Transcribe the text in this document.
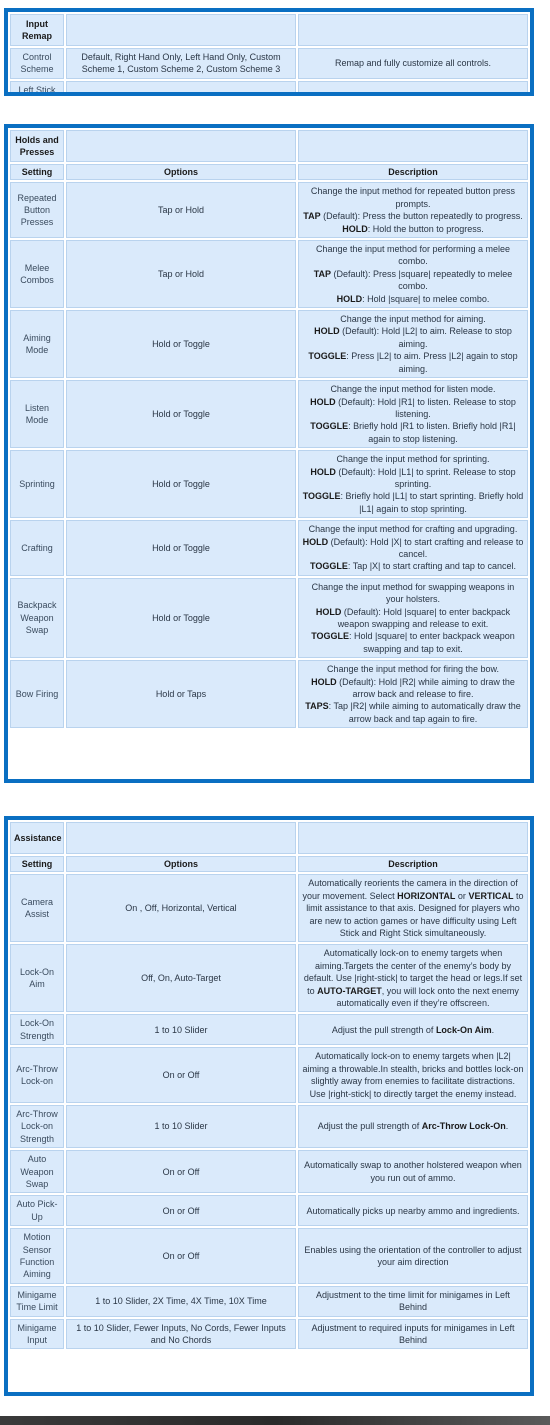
Input Remap		
Control Scheme	Default, Right Hand Only, Left Hand Only, Custom Scheme 1, Custom Scheme 2, Custom Scheme 3	Remap and fully customize all controls.

Left Stick		
Holds and Presses		
Setting	Options	Description
Repeated Button Presses	Tap or Hold	Change the input method for repeated button press prompts.
TAP (Default): Press the button repeatedly to progress.
HOLD: Hold the button to progress.

Melee Combos	Tap or Hold	Change the input method for performing a melee combo.
TAP (Default): Press |square| repeatedly to melee combo.
HOLD: Hold |square| to melee combo.

Aiming Mode	Hold or Toggle	Change the input method for aiming.
HOLD (Default): Hold |L2| to aim. Release to stop aiming.
TOGGLE: Press |L2| to aim. Press |L2| again to stop aiming.

Listen Mode	Hold or Toggle	Change the input method for listen mode.
HOLD (Default): Hold |R1| to listen. Release to stop listening.
TOGGLE: Briefly hold |R1 to listen. Briefly hold |R1| again to stop listening.

Sprinting	Hold or Toggle	Change the input method for sprinting.
HOLD (Default): Hold |L1| to sprint. Release to stop sprinting.
TOGGLE: Briefly hold |L1| to start sprinting. Briefly hold |L1| again to stop sprinting.

Crafting	Hold or Toggle	Change the input method for crafting and upgrading.
HOLD (Default): Hold |X| to start crafting and release to cancel.
TOGGLE: Tap |X| to start crafting and tap to cancel.

Backpack Weapon Swap	Hold or Toggle	Change the input method for swapping weapons in your holsters.
HOLD (Default): Hold |square| to enter backpack weapon swapping and release to exit.
TOGGLE: Hold |square| to enter backpack weapon swapping and tap to exit.

Bow Firing	Hold or Taps	Change the input method for firing the bow.
HOLD (Default): Hold |R2| while aiming to draw the arrow back and release to fire.
TAPS: Tap |R2| while aiming to automatically draw the arrow back and tap again to fire.
Assistance		
Setting	Options	Description
Camera Assist	On , Off, Horizontal, Vertical	Automatically reorients the camera in the direction of your movement. Select HORIZONTAL or VERTICAL to limit assistance to that axis. Designed for players who are new to action games or have difficulty using Left Stick and Right Stick simultaneously.

Lock-On Aim	Off, On, Auto-Target	Automatically lock-on to enemy targets when aiming.Targets the center of the enemy’s body by default. Use |right-stick| to target the head or legs.If set to AUTO-TARGET, you will lock onto the next enemy automatically even if they’re offscreen.

Lock-On Strength	1 to 10 Slider	Adjust the pull strength of Lock-On Aim.

Arc-Throw Lock-on	On or Off	Automatically lock-on to enemy targets when |L2| aiming a throwable.In stealth, bricks and bottles lock-on slightly away from enemies to facilitate distractions. Use |right-stick| to directly target the enemy instead.

Arc-Throw Lock-on Strength	1 to 10 Slider	Adjust the pull strength of Arc-Throw Lock-On.

Auto Weapon Swap	On or Off	Automatically swap to another holstered weapon when you run out of ammo.

Auto Pick-Up	On or Off	Automatically picks up nearby ammo and ingredients.

Motion Sensor Function Aiming	On or Off	Enables using the orientation of the controller to adjust your aim direction

Minigame Time Limit	1 to 10 Slider, 2X Time, 4X Time, 10X Time	Adjustment to the time limit for minigames in Left Behind

Minigame Input	1 to 10 Slider, Fewer Inputs, No Cords, Fewer Inputs and No Chords	Adjustment to required inputs for minigames in Left Behind
